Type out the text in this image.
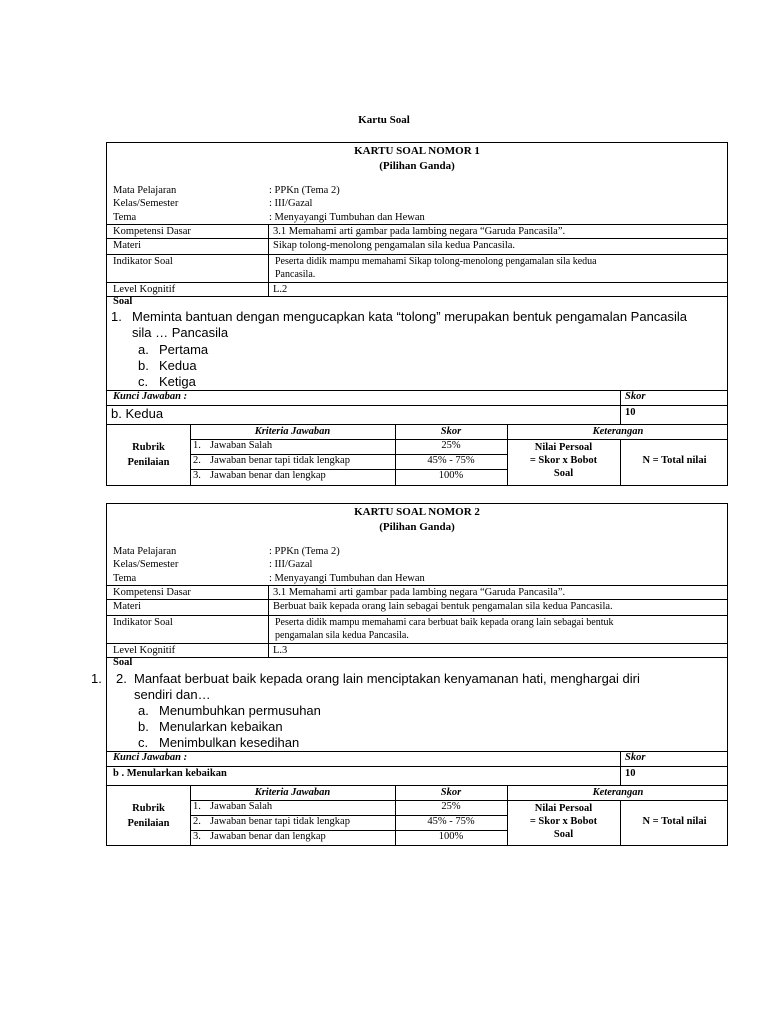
Kartu Soal
KARTU SOAL NOMOR 1
(Pilihan Ganda)
Mata Pelajaran	: PPKn (Tema 2)
Kelas/Semester	: III/Gazal
Tema	: Menyayangi Tumbuhan dan Hewan
Kompetensi Dasar	3.1 Memahami arti gambar pada lambing negara “Garuda Pancasila”.
Materi	Sikap tolong-menolong pengamalan sila kedua Pancasila.
Indikator Soal	Peserta didik mampu memahami Sikap tolong-menolong pengamalan sila kedua
Pancasila.
Level Kognitif	L.2
Soal
1. Meminta bantuan dengan mengucapkan kata “tolong” merupakan bentuk pengamalan Pancasila
sila … Pancasila
a. Pertama
b. Kedua
c. Ketiga
Kunci Jawaban :	Skor
b. Kedua	10
Rubrik
Penilaian
Kriteria Jawaban	Skor	Keterangan
1. Jawaban Salah	25%
2. Jawaban benar tapi tidak lengkap	45% - 75%
3. Jawaban benar dan lengkap	100%
Nilai Persoal
= Skor x Bobot
Soal
N = Total nilai
KARTU SOAL NOMOR 2
(Pilihan Ganda)
Mata Pelajaran	: PPKn (Tema 2)
Kelas/Semester	: III/Gazal
Tema	: Menyayangi Tumbuhan dan Hewan
Kompetensi Dasar	3.1 Memahami arti gambar pada lambing negara “Garuda Pancasila”.
Materi	Berbuat baik kepada orang lain sebagai bentuk pengamalan sila kedua Pancasila.
Indikator Soal	Peserta didik mampu memahami cara berbuat baik kepada orang lain sebagai bentuk
pengamalan sila kedua Pancasila.
Level Kognitif	L.3
Soal
1. 2. Manfaat berbuat baik kepada orang lain menciptakan kenyamanan hati, menghargai diri
sendiri dan…
a. Menumbuhkan permusuhan
b. Menularkan kebaikan
c. Menimbulkan kesedihan
Kunci Jawaban :	Skor
b . Menularkan kebaikan	10
Rubrik
Penilaian
Kriteria Jawaban	Skor	Keterangan
1. Jawaban Salah	25%
2. Jawaban benar tapi tidak lengkap	45% - 75%
3. Jawaban benar dan lengkap	100%
Nilai Persoal
= Skor x Bobot
Soal
N = Total nilai
